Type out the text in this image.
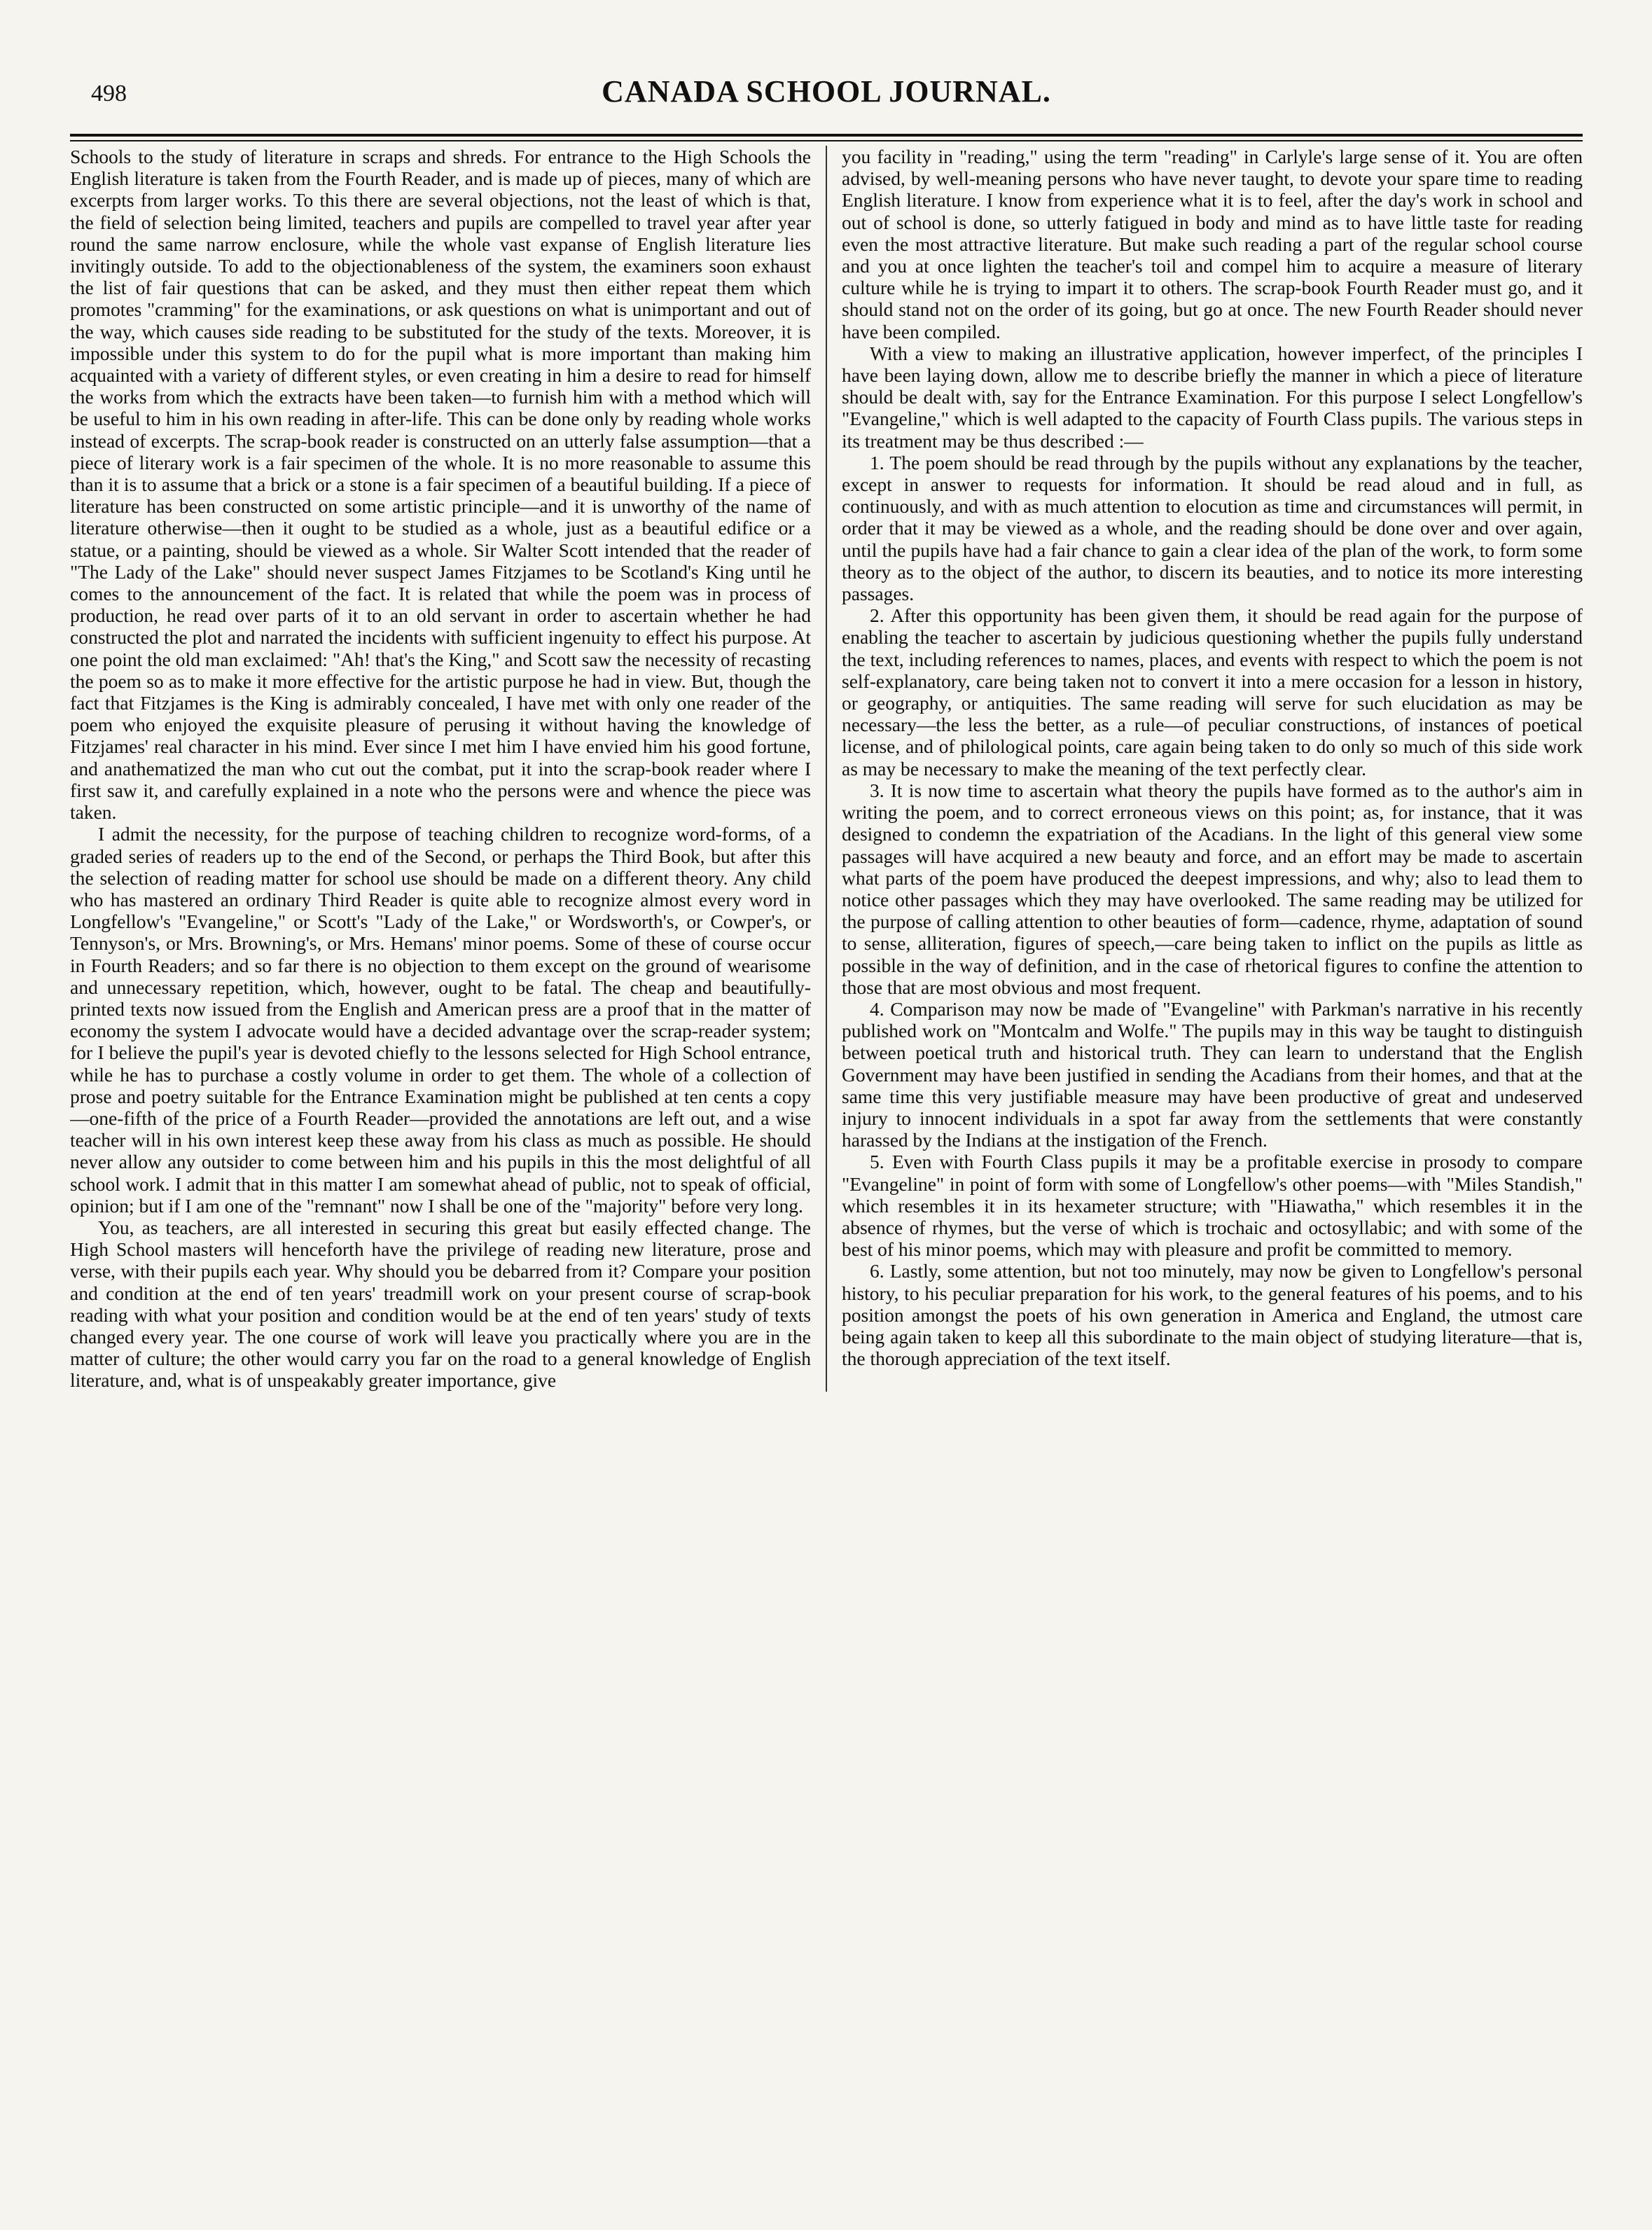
498	CANADA SCHOOL JOURNAL.

Schools to the study of literature in scraps and shreds. For entrance to the High Schools the English literature is taken from the Fourth Reader, and is made up of pieces, many of which are excerpts from larger works. To this there are several objections, not the least of which is that, the field of selection being limited, teachers and pupils are compelled to travel year after year round the same narrow enclosure, while the whole vast expanse of English literature lies invitingly outside. To add to the objectionableness of the system, the examiners soon exhaust the list of fair questions that can be asked, and they must then either repeat them which promotes "cramming" for the examinations, or ask questions on what is unimportant and out of the way, which causes side reading to be substituted for the study of the texts. Moreover, it is impossible under this system to do for the pupil what is more important than making him acquainted with a variety of different styles, or even creating in him a desire to read for himself the works from which the extracts have been taken—to furnish him with a method which will be useful to him in his own reading in after-life. This can be done only by reading whole works instead of excerpts. The scrap-book reader is constructed on an utterly false assumption—that a piece of literary work is a fair specimen of the whole. It is no more reasonable to assume this than it is to assume that a brick or a stone is a fair specimen of a beautiful building. If a piece of literature has been constructed on some artistic principle—and it is unworthy of the name of literature otherwise—then it ought to be studied as a whole, just as a beautiful edifice or a statue, or a painting, should be viewed as a whole. Sir Walter Scott intended that the reader of "The Lady of the Lake" should never suspect James Fitzjames to be Scotland's King until he comes to the announcement of the fact. It is related that while the poem was in process of production, he read over parts of it to an old servant in order to ascertain whether he had constructed the plot and narrated the incidents with sufficient ingenuity to effect his purpose. At one point the old man exclaimed: "Ah! that's the King," and Scott saw the necessity of recasting the poem so as to make it more effective for the artistic purpose he had in view. But, though the fact that Fitzjames is the King is admirably concealed, I have met with only one reader of the poem who enjoyed the exquisite pleasure of perusing it without having the knowledge of Fitzjames' real character in his mind. Ever since I met him I have envied him his good fortune, and anathematized the man who cut out the combat, put it into the scrap-book reader where I first saw it, and carefully explained in a note who the persons were and whence the piece was taken.

I admit the necessity, for the purpose of teaching children to recognize word-forms, of a graded series of readers up to the end of the Second, or perhaps the Third Book, but after this the selection of reading matter for school use should be made on a different theory. Any child who has mastered an ordinary Third Reader is quite able to recognize almost every word in Longfellow's "Evangeline," or Scott's "Lady of the Lake," or Wordsworth's, or Cowper's, or Tennyson's, or Mrs. Browning's, or Mrs. Hemans' minor poems. Some of these of course occur in Fourth Readers; and so far there is no objection to them except on the ground of wearisome and unnecessary repetition, which, however, ought to be fatal. The cheap and beautifully-printed texts now issued from the English and American press are a proof that in the matter of economy the system I advocate would have a decided advantage over the scrap-reader system; for I believe the pupil's year is devoted chiefly to the lessons selected for High School entrance, while he has to purchase a costly volume in order to get them. The whole of a collection of prose and poetry suitable for the Entrance Examination might be published at ten cents a copy—one-fifth of the price of a Fourth Reader—provided the annotations are left out, and a wise teacher will in his own interest keep these away from his class as much as possible. He should never allow any outsider to come between him and his pupils in this the most delightful of all school work. I admit that in this matter I am somewhat ahead of public, not to speak of official, opinion; but if I am one of the "remnant" now I shall be one of the "majority" before very long.

You, as teachers, are all interested in securing this great but easily effected change. The High School masters will henceforth have the privilege of reading new literature, prose and verse, with their pupils each year. Why should you be debarred from it? Compare your position and condition at the end of ten years' treadmill work on your present course of scrap-book reading with what your position and condition would be at the end of ten years' study of texts changed every year. The one course of work will leave you practically where you are in the matter of culture; the other would carry you far on the road to a general knowledge of English literature, and, what is of unspeakably greater importance, give

you facility in "reading," using the term "reading" in Carlyle's large sense of it. You are often advised, by well-meaning persons who have never taught, to devote your spare time to reading English literature. I know from experience what it is to feel, after the day's work in school and out of school is done, so utterly fatigued in body and mind as to have little taste for reading even the most attractive literature. But make such reading a part of the regular school course and you at once lighten the teacher's toil and compel him to acquire a measure of literary culture while he is trying to impart it to others. The scrap-book Fourth Reader must go, and it should stand not on the order of its going, but go at once. The new Fourth Reader should never have been compiled.

With a view to making an illustrative application, however imperfect, of the principles I have been laying down, allow me to describe briefly the manner in which a piece of literature should be dealt with, say for the Entrance Examination. For this purpose I select Longfellow's "Evangeline," which is well adapted to the capacity of Fourth Class pupils. The various steps in its treatment may be thus described :—

1. The poem should be read through by the pupils without any explanations by the teacher, except in answer to requests for information. It should be read aloud and in full, as continuously, and with as much attention to elocution as time and circumstances will permit, in order that it may be viewed as a whole, and the reading should be done over and over again, until the pupils have had a fair chance to gain a clear idea of the plan of the work, to form some theory as to the object of the author, to discern its beauties, and to notice its more interesting passages.

2. After this opportunity has been given them, it should be read again for the purpose of enabling the teacher to ascertain by judicious questioning whether the pupils fully understand the text, including references to names, places, and events with respect to which the poem is not self-explanatory, care being taken not to convert it into a mere occasion for a lesson in history, or geography, or antiquities. The same reading will serve for such elucidation as may be necessary—the less the better, as a rule—of peculiar constructions, of instances of poetical license, and of philological points, care again being taken to do only so much of this side work as may be necessary to make the meaning of the text perfectly clear.

3. It is now time to ascertain what theory the pupils have formed as to the author's aim in writing the poem, and to correct erroneous views on this point; as, for instance, that it was designed to condemn the expatriation of the Acadians. In the light of this general view some passages will have acquired a new beauty and force, and an effort may be made to ascertain what parts of the poem have produced the deepest impressions, and why; also to lead them to notice other passages which they may have overlooked. The same reading may be utilized for the purpose of calling attention to other beauties of form—cadence, rhyme, adaptation of sound to sense, alliteration, figures of speech,—care being taken to inflict on the pupils as little as possible in the way of definition, and in the case of rhetorical figures to confine the attention to those that are most obvious and most frequent.

4. Comparison may now be made of "Evangeline" with Parkman's narrative in his recently published work on "Montcalm and Wolfe." The pupils may in this way be taught to distinguish between poetical truth and historical truth. They can learn to understand that the English Government may have been justified in sending the Acadians from their homes, and that at the same time this very justifiable measure may have been productive of great and undeserved injury to innocent individuals in a spot far away from the settlements that were constantly harassed by the Indians at the instigation of the French.

5. Even with Fourth Class pupils it may be a profitable exercise in prosody to compare "Evangeline" in point of form with some of Longfellow's other poems—with "Miles Standish," which resembles it in its hexameter structure; with "Hiawatha," which resembles it in the absence of rhymes, but the verse of which is trochaic and octosyllabic; and with some of the best of his minor poems, which may with pleasure and profit be committed to memory.

6. Lastly, some attention, but not too minutely, may now be given to Longfellow's personal history, to his peculiar preparation for his work, to the general features of his poems, and to his position amongst the poets of his own generation in America and England, the utmost care being again taken to keep all this subordinate to the main object of studying literature—that is, the thorough appreciation of the text itself.
